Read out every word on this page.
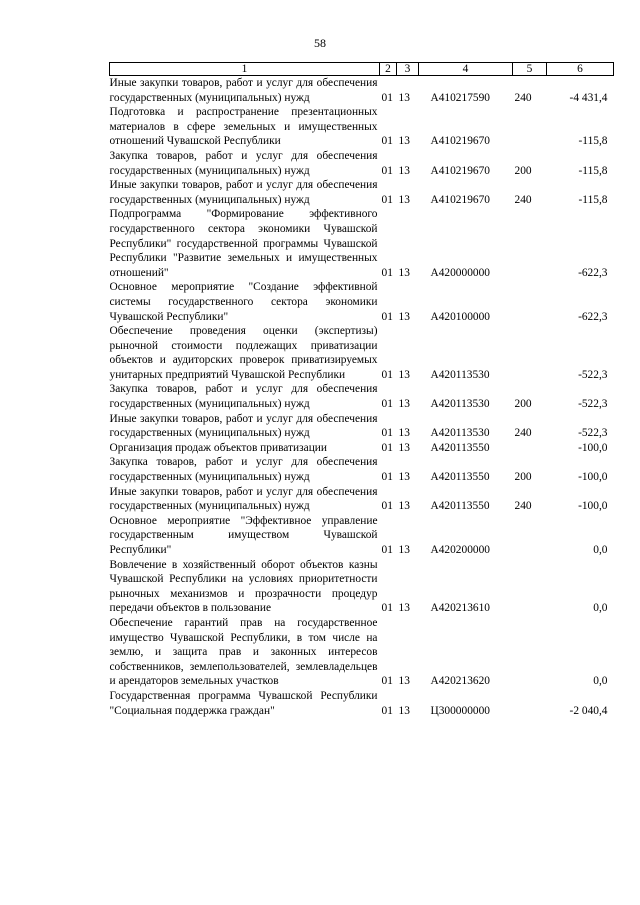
58
1	2	3	4	5	6
Иные закупки товаров, работ и услуг для обеспечения государственных (муниципальных) нужд	01	13	А410217590	240	-4 431,4
Подготовка и распространение презентационных материалов в сфере земельных и имущественных отношений Чувашской Республики	01	13	А410219670		-115,8
Закупка товаров, работ и услуг для обеспечения государственных (муниципальных) нужд	01	13	А410219670	200	-115,8
Иные закупки товаров, работ и услуг для обеспечения государственных (муниципальных) нужд	01	13	А410219670	240	-115,8
Подпрограмма "Формирование эффективного государственного сектора экономики Чувашской Республики" государственной программы Чувашской Республики "Развитие земельных и имущественных отношений"	01	13	А420000000		-622,3
Основное мероприятие "Создание эффективной системы государственного сектора экономики Чувашской Республики"	01	13	А420100000		-622,3
Обеспечение проведения оценки (экспертизы) рыночной стоимости подлежащих приватизации объектов и аудиторских проверок приватизируемых унитарных предприятий Чувашской Республики	01	13	А420113530		-522,3
Закупка товаров, работ и услуг для обеспечения государственных (муниципальных) нужд	01	13	А420113530	200	-522,3
Иные закупки товаров, работ и услуг для обеспечения государственных (муниципальных) нужд	01	13	А420113530	240	-522,3
Организация продаж объектов приватизации	01	13	А420113550		-100,0
Закупка товаров, работ и услуг для обеспечения государственных (муниципальных) нужд	01	13	А420113550	200	-100,0
Иные закупки товаров, работ и услуг для обеспечения государственных (муниципальных) нужд	01	13	А420113550	240	-100,0
Основное мероприятие "Эффективное управление государственным имуществом Чувашской Республики"	01	13	А420200000		0,0
Вовлечение в хозяйственный оборот объектов казны Чувашской Республики на условиях приоритетности рыночных механизмов и прозрачности процедур передачи объектов в пользование	01	13	А420213610		0,0
Обеспечение гарантий прав на государственное имущество Чувашской Республики, в том числе на землю, и защита прав и законных интересов собственников, землепользователей, землевладельцев и арендаторов земельных участков	01	13	А420213620		0,0
Государственная программа Чувашской Республики "Социальная поддержка граждан"	01	13	Ц300000000		-2 040,4
